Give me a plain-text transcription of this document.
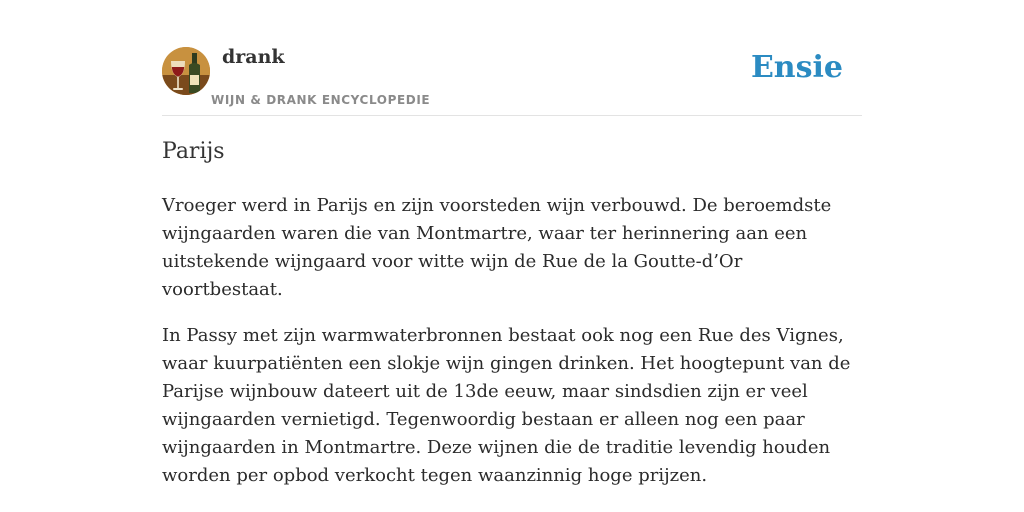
drank
WIJN & DRANK ENCYCLOPEDIE
Ensie
Parijs

Vroeger werd in Parijs en zijn voorsteden wijn verbouwd. De beroemdste wijngaarden waren die van Montmartre, waar ter herinnering aan een uitstekende wijngaard voor witte wijn de Rue de la Goutte-d’Or voortbestaat.

In Passy met zijn warmwaterbronnen bestaat ook nog een Rue des Vignes, waar kuurpatiënten een slokje wijn gingen drinken. Het hoogtepunt van de Parijse wijnbouw dateert uit de 13de eeuw, maar sindsdien zijn er veel wijngaarden vernietigd. Tegenwoordig bestaan er alleen nog een paar wijngaarden in Montmartre. Deze wijnen die de traditie levendig houden worden per opbod verkocht tegen waanzinnig hoge prijzen.
